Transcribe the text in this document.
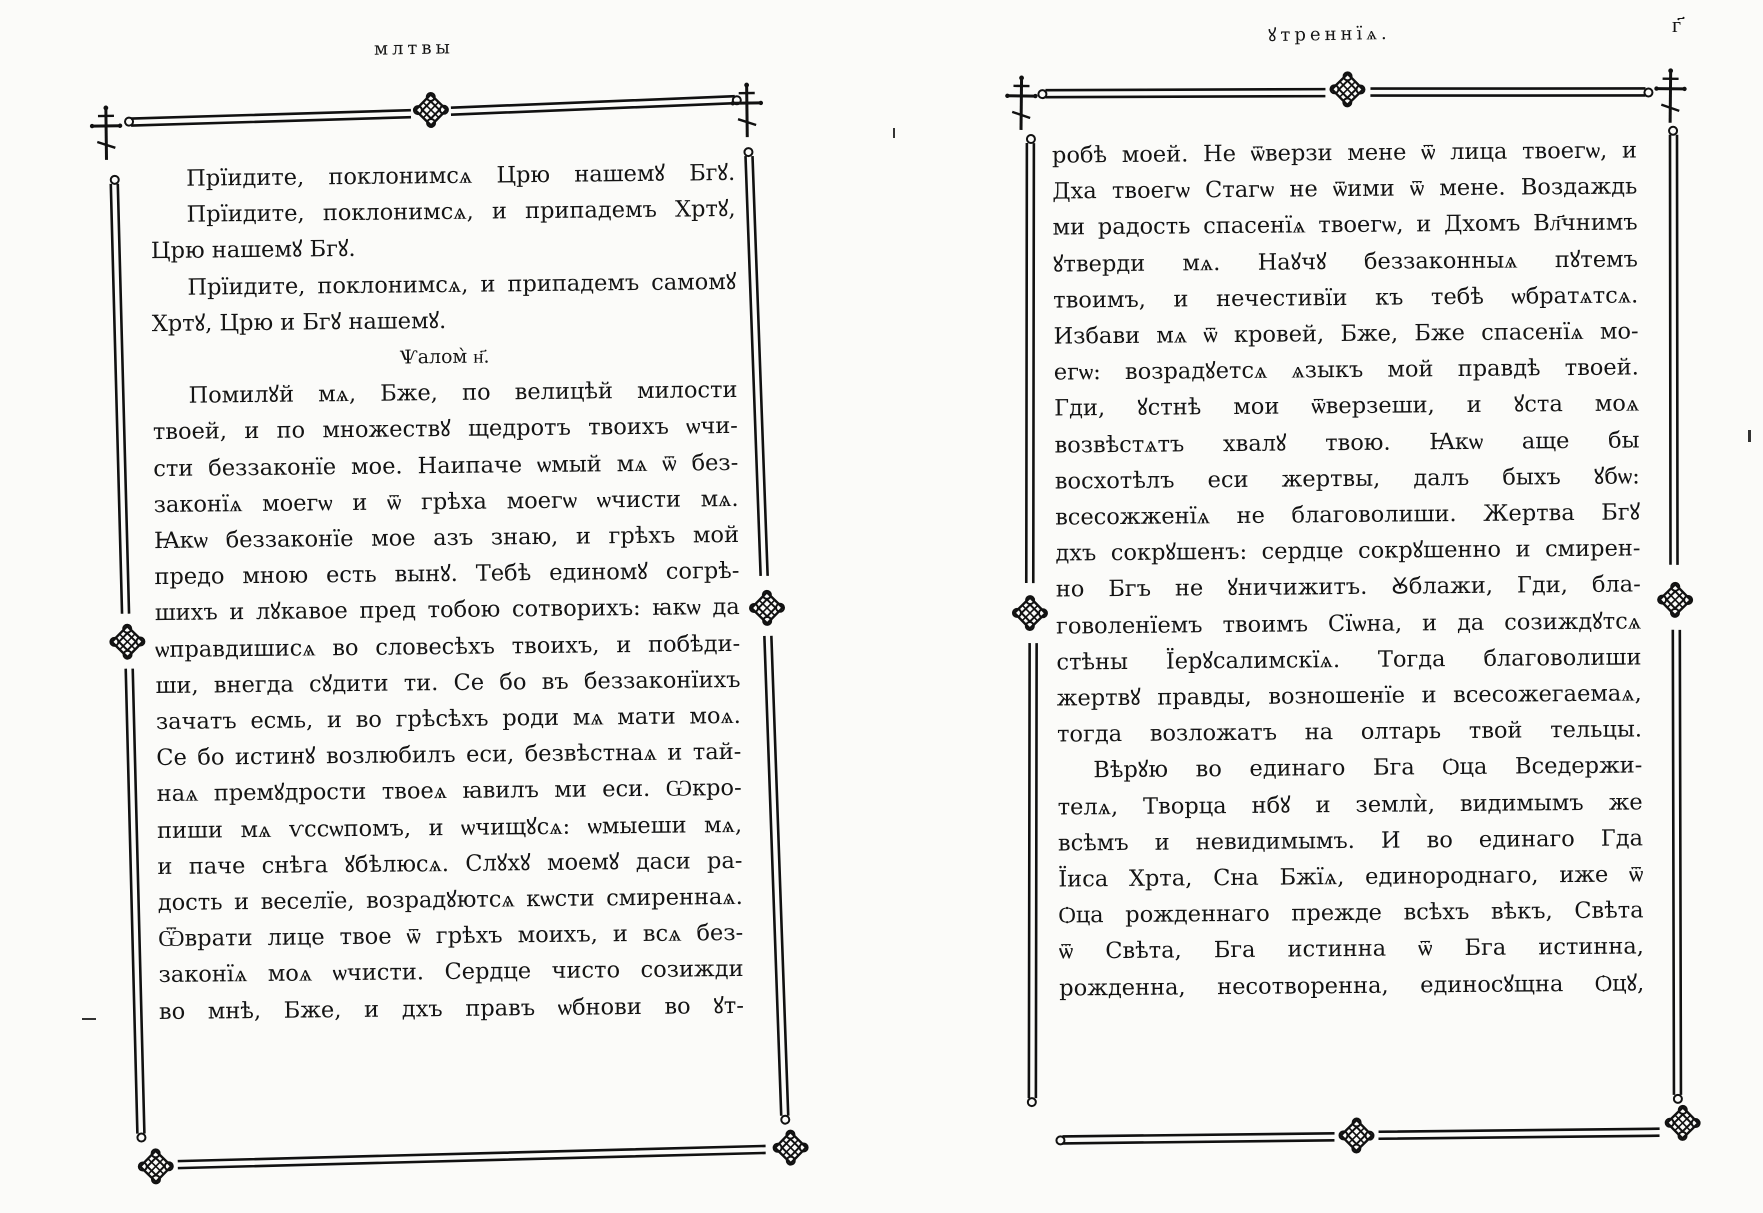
млтвы
Прїидите, поклонимсѧ Црю нашемꙋ Бгꙋ.
Прїидите, поклонимсѧ, и припадемъ Хртꙋ,
Црю нашемꙋ Бгꙋ.
Прїидите, поклонимсѧ, и припадемъ самомꙋ
Хртꙋ, Црю и Бгꙋ нашемꙋ.
Ѱалом̀ н҃.
Помилꙋй мѧ, Бже, по велицѣй милости
твоей, и по множествꙋ щедротъ твоихъ ѡчи-
сти беззаконїе мое. Наипаче ѡмый мѧ ѿ без-
законїѧ моегѡ и ѿ грѣха моегѡ ѡчисти мѧ.
Ꙗкѡ беззаконїе мое азъ знаю, и грѣхъ мой
предо мною есть вынꙋ. Тебѣ единомꙋ согрѣ-
шихъ и лꙋкавое пред тобою сотворихъ: ꙗкѡ да
ѡправдишисѧ во словесѣхъ твоихъ, и побѣди-
ши, внегда сꙋдити ти. Се бо въ беззаконїихъ
зачатъ есмь, и во грѣсѣхъ роди мѧ мати моѧ.
Се бо истинꙋ возлюбилъ еси, безвѣстнаѧ и тай-
наѧ премꙋдрости твоеѧ ꙗвилъ ми еси. Ѡкро-
пиши мѧ ѵссѡпомъ, и ѡчищꙋсѧ: ѡмыеши мѧ,
и паче снѣга ꙋбѣлюсѧ. Слꙋхꙋ моемꙋ даси ра-
дость и веселїе, возрадꙋютсѧ кѡсти смиреннаѧ.
Ѿврати лице твое ѿ грѣхъ моихъ, и всѧ без-
законїѧ моѧ ѡчисти. Сердце чисто созижди
во мнѣ, Бже, и дхъ правъ ѡбнови во ꙋт-
ꙋтреннїѧ.	г҃
робѣ моей. Не ѿверзи мене ѿ лица твоегѡ, и
Дха твоегѡ Стагѡ не ѿими ѿ мене. Воздаждь
ми радость спасенїѧ твоегѡ, и Дхомъ Вл҃чнимъ
ꙋтверди мѧ. Наꙋчꙋ беззаконныѧ пꙋтемъ
твоимъ, и нечестивїи къ тебѣ ѡбратѧтсѧ.
Избави мѧ ѿ кровей, Бже, Бже спасенїѧ мо-
егѡ: возрадꙋетсѧ ѧзыкъ мой правдѣ твоей.
Гди, ꙋстнѣ мои ѿверзеши, и ꙋста моѧ
возвѣстѧтъ хвалꙋ твою. Ꙗкѡ аще бы
восхотѣлъ еси жертвы, далъ быхъ ꙋбѡ:
всесожженїѧ не благоволиши. Жертва Бгꙋ
дхъ сокрꙋшенъ: сердце сокрꙋшенно и смирен-
но Бгъ не ꙋничижитъ. Ꙋблажи, Гди, бла-
говоленїемъ твоимъ Сїѡна, и да созиждꙋтсѧ
стѣны Їерꙋсалимскїѧ. Тогда благоволиши
жертвꙋ правды, возношенїе и всесожегаемаѧ,
тогда возложатъ на олтарь твой тельцы.
Вѣрꙋю во единаго Бга Ѻца Вседержи-
телѧ, Творца нбꙋ и землѝ, видимымъ же
всѣмъ и невидимымъ. И во единаго Гда
Їиса Хрта, Сна Бжїѧ, единороднаго, иже ѿ
Ѻца рожденнаго прежде всѣхъ вѣкъ, Свѣта
ѿ Свѣта, Бга истинна ѿ Бга истинна,
рожденна, несотворенна, единосꙋщна Ѻцꙋ,
